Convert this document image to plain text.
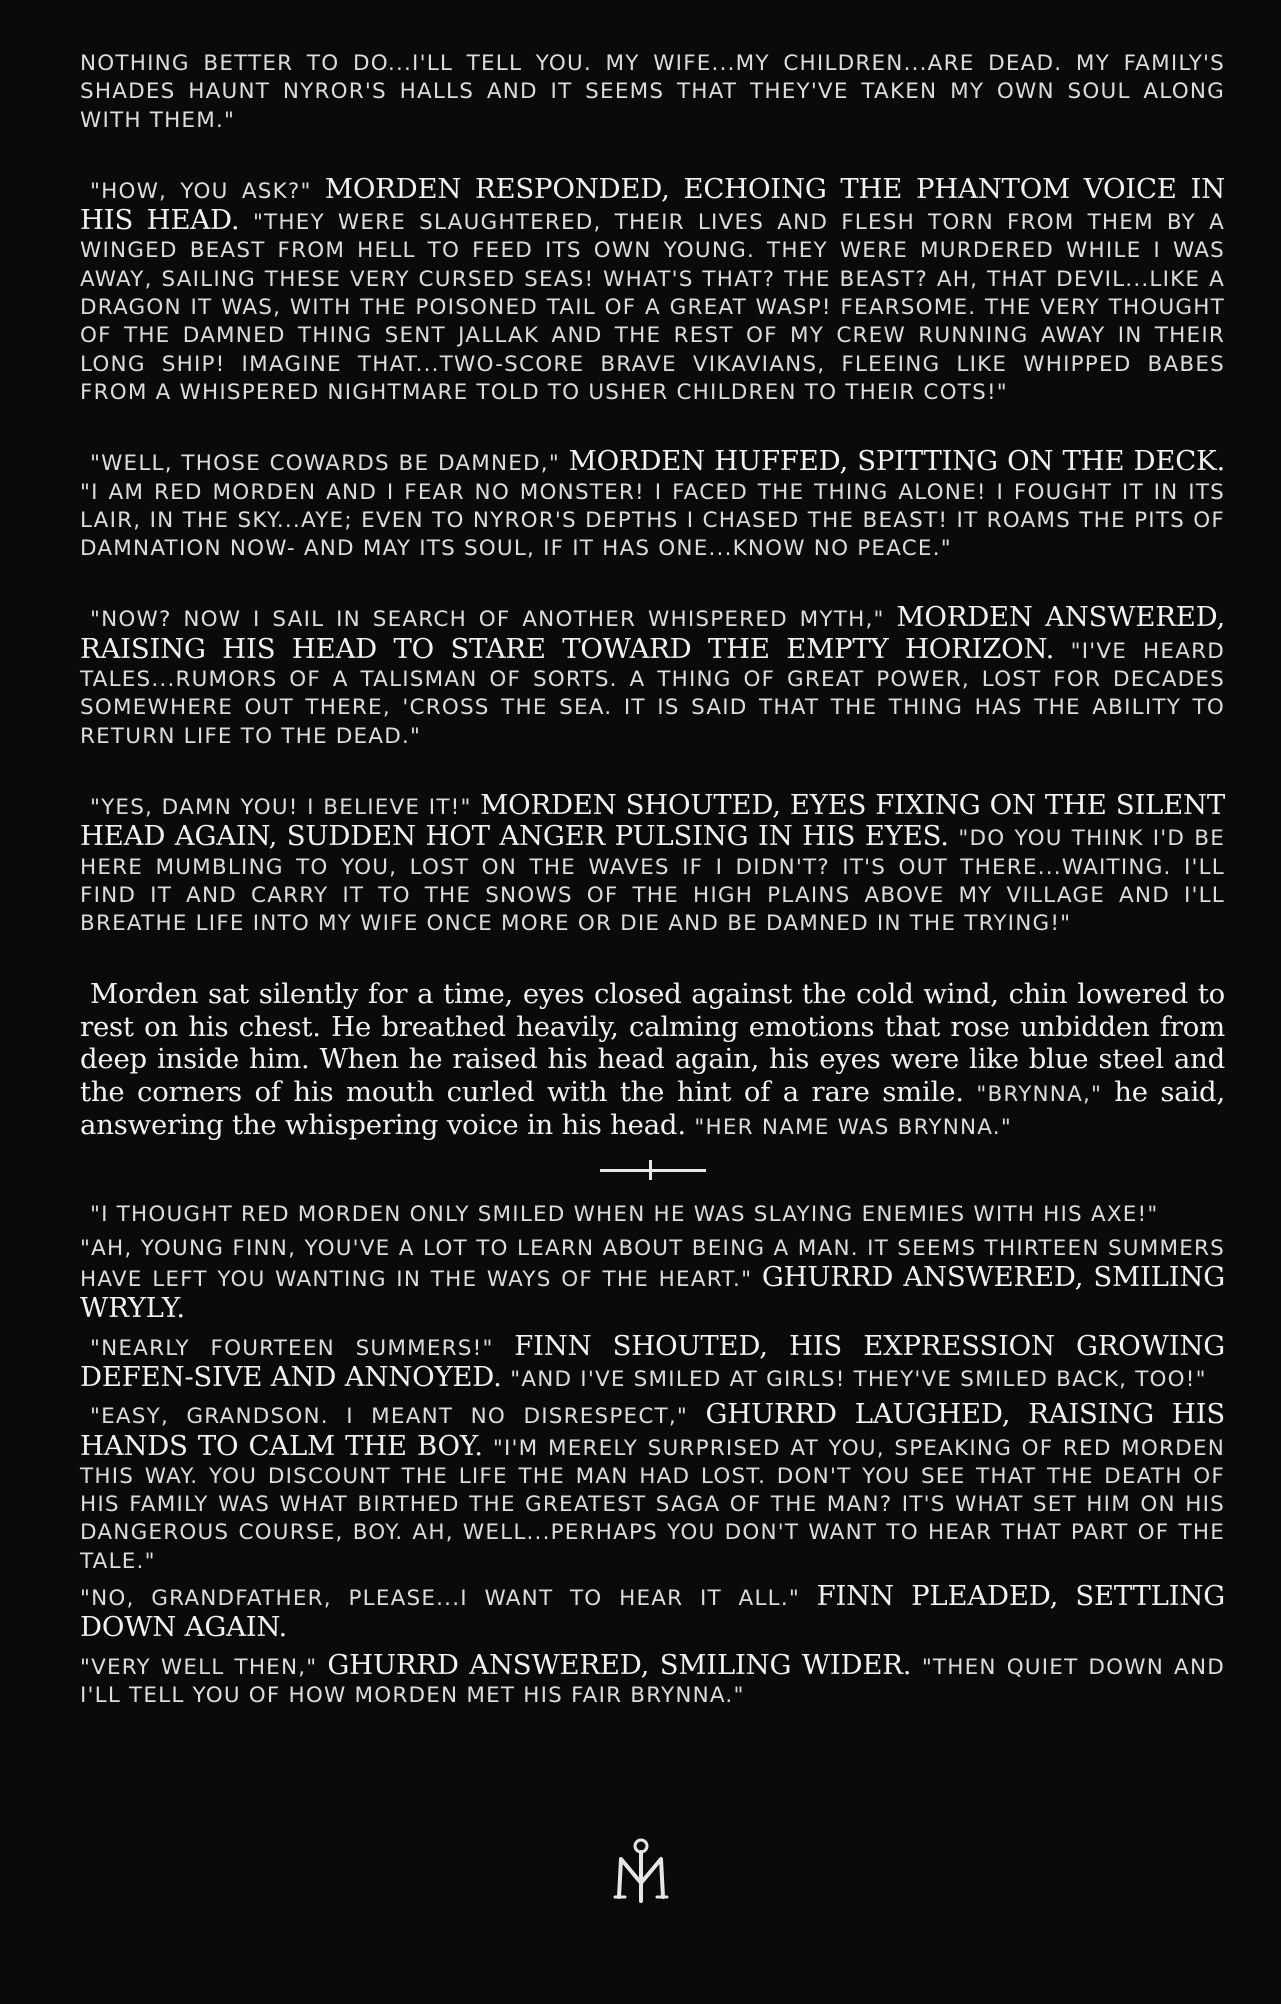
NOTHING BETTER TO DO...I'LL TELL YOU. MY WIFE...MY CHILDREN...ARE DEAD. MY FAMILY'S SHADES HAUNT NYROR'S HALLS AND IT SEEMS THAT THEY'VE TAKEN MY OWN SOUL ALONG WITH THEM."

"HOW, YOU ASK?" MORDEN RESPONDED, ECHOING THE PHANTOM VOICE IN HIS HEAD. "THEY WERE SLAUGHTERED, THEIR LIVES AND FLESH TORN FROM THEM BY A WINGED BEAST FROM HELL TO FEED ITS OWN YOUNG. THEY WERE MURDERED WHILE I WAS AWAY, SAILING THESE VERY CURSED SEAS! WHAT'S THAT? THE BEAST? AH, THAT DEVIL...LIKE A DRAGON IT WAS, WITH THE POISONED TAIL OF A GREAT WASP! FEARSOME. THE VERY THOUGHT OF THE DAMNED THING SENT JALLAK AND THE REST OF MY CREW RUNNING AWAY IN THEIR LONG SHIP! IMAGINE THAT...TWO-SCORE BRAVE VIKAVIANS, FLEEING LIKE WHIPPED BABES FROM A WHISPERED NIGHTMARE TOLD TO USHER CHILDREN TO THEIR COTS!"

"WELL, THOSE COWARDS BE DAMNED," MORDEN HUFFED, SPITTING ON THE DECK. "I AM RED MORDEN AND I FEAR NO MONSTER! I FACED THE THING ALONE! I FOUGHT IT IN ITS LAIR, IN THE SKY...AYE; EVEN TO NYROR'S DEPTHS I CHASED THE BEAST! IT ROAMS THE PITS OF DAMNATION NOW- AND MAY ITS SOUL, IF IT HAS ONE...KNOW NO PEACE."

"NOW? NOW I SAIL IN SEARCH OF ANOTHER WHISPERED MYTH," MORDEN ANSWERED, RAISING HIS HEAD TO STARE TOWARD THE EMPTY HORIZON. "I'VE HEARD TALES...RUMORS OF A TALISMAN OF SORTS. A THING OF GREAT POWER, LOST FOR DECADES SOMEWHERE OUT THERE, 'CROSS THE SEA. IT IS SAID THAT THE THING HAS THE ABILITY TO RETURN LIFE TO THE DEAD."

"YES, DAMN YOU! I BELIEVE IT!" MORDEN SHOUTED, EYES FIXING ON THE SILENT HEAD AGAIN, SUDDEN HOT ANGER PULSING IN HIS EYES. "DO YOU THINK I'D BE HERE MUMBLING TO YOU, LOST ON THE WAVES IF I DIDN'T? IT'S OUT THERE...WAITING. I'LL FIND IT AND CARRY IT TO THE SNOWS OF THE HIGH PLAINS ABOVE MY VILLAGE AND I'LL BREATHE LIFE INTO MY WIFE ONCE MORE OR DIE AND BE DAMNED IN THE TRYING!"

Morden sat silently for a time, eyes closed against the cold wind, chin lowered to rest on his chest. He breathed heavily, calming emotions that rose unbidden from deep inside him. When he raised his head again, his eyes were like blue steel and the corners of his mouth curled with the hint of a rare smile. "BRYNNA," he said, answering the whispering voice in his head. "HER NAME WAS BRYNNA."

"I THOUGHT RED MORDEN ONLY SMILED WHEN HE WAS SLAYING ENEMIES WITH HIS AXE!"

"AH, YOUNG FINN, YOU'VE A LOT TO LEARN ABOUT BEING A MAN. IT SEEMS THIRTEEN SUMMERS HAVE LEFT YOU WANTING IN THE WAYS OF THE HEART." GHURRD ANSWERED, SMILING WRYLY.

"NEARLY FOURTEEN SUMMERS!" FINN SHOUTED, HIS EXPRESSION GROWING DEFEN-SIVE AND ANNOYED. "AND I'VE SMILED AT GIRLS! THEY'VE SMILED BACK, TOO!"

"EASY, GRANDSON. I MEANT NO DISRESPECT," GHURRD LAUGHED, RAISING HIS HANDS TO CALM THE BOY. "I'M MERELY SURPRISED AT YOU, SPEAKING OF RED MORDEN THIS WAY. YOU DISCOUNT THE LIFE THE MAN HAD LOST. DON'T YOU SEE THAT THE DEATH OF HIS FAMILY WAS WHAT BIRTHED THE GREATEST SAGA OF THE MAN? IT'S WHAT SET HIM ON HIS DANGEROUS COURSE, BOY. AH, WELL...PERHAPS YOU DON'T WANT TO HEAR THAT PART OF THE TALE."

"NO, GRANDFATHER, PLEASE...I WANT TO HEAR IT ALL." FINN PLEADED, SETTLING DOWN AGAIN.

"VERY WELL THEN," GHURRD ANSWERED, SMILING WIDER. "THEN QUIET DOWN AND I'LL TELL YOU OF HOW MORDEN MET HIS FAIR BRYNNA."
